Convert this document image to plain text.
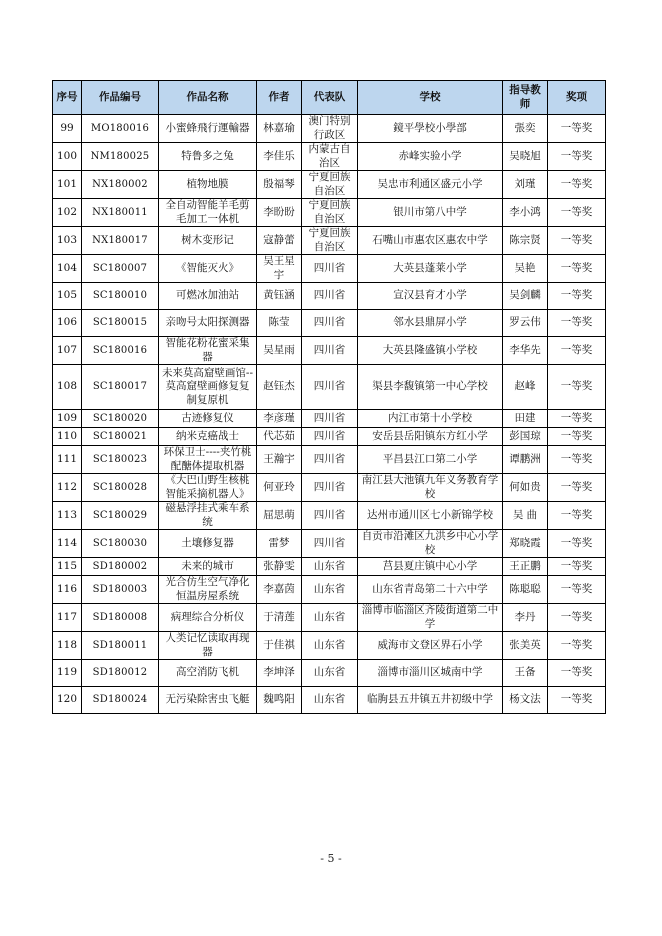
序号	作品编号	作品名称	作者	代表队	学校	指导教师	奖项
99	MO180016	小蜜蜂飛行運輸器	林嘉瑜	澳门特别行政区	鏡平學校小學部	張奕	一等奖
100	NM180025	特鲁多之兔	李佳乐	内蒙古自治区	赤峰实验小学	吴晓旭	一等奖
101	NX180002	植物地膜	殷福琴	宁夏回族自治区	吴忠市利通区盛元小学	刘瑾	一等奖
102	NX180011	全自动智能羊毛剪毛加工一体机	李盼盼	宁夏回族自治区	银川市第八中学	李小鸿	一等奖
103	NX180017	树木变形记	寇静蕾	宁夏回族自治区	石嘴山市惠农区惠农中学	陈宗贤	一等奖
104	SC180007	《智能灭火》	吴王星宇	四川省	大英县蓬莱小学	吴艳	一等奖
105	SC180010	可燃冰加油站	黄钰涵	四川省	宣汉县育才小学	吴剑麟	一等奖
106	SC180015	亲吻号太阳探测器	陈莹	四川省	邻水县鼎屏小学	罗云伟	一等奖
107	SC180016	智能花粉花蜜采集器	吴星雨	四川省	大英县隆盛镇小学校	李华先	一等奖
108	SC180017	未来莫高窟壁画馆--莫高窟壁画修复复制复原机	赵钰杰	四川省	渠县李馥镇第一中心学校	赵峰	一等奖
109	SC180020	古迹修复仪	李彦瑾	四川省	内江市第十小学校	田建	一等奖
110	SC180021	纳米克癌战士	代芯茹	四川省	安岳县岳阳镇东方红小学	彭国琼	一等奖
111	SC180023	环保卫士----夹竹桃配醣体提取机器	王瀚宇	四川省	平昌县江口第二小学	谭鹏洲	一等奖
112	SC180028	《大巴山野生核桃智能采摘机器人》	何亚玲	四川省	南江县大池镇九年义务教育学校	何如贵	一等奖
113	SC180029	磁悬浮挂式乘车系统	屈思萌	四川省	达州市通川区七小新锦学校	吴 曲	一等奖
114	SC180030	土壤修复器	雷梦	四川省	自贡市沿滩区九洪乡中心小学校	郑晓霞	一等奖
115	SD180002	未来的城市	张静雯	山东省	莒县夏庄镇中心小学	王正鹏	一等奖
116	SD180003	光合仿生空气净化恒温房屋系统	李嘉茵	山东省	山东省青岛第二十六中学	陈聪聪	一等奖
117	SD180008	病理综合分析仪	于清莲	山东省	淄博市临淄区齐陵街道第二中学	李丹	一等奖
118	SD180011	人类记忆读取再现器	于佳祺	山东省	威海市文登区界石小学	张美英	一等奖
119	SD180012	高空消防飞机	李坤泽	山东省	淄博市淄川区城南中学	王备	一等奖
120	SD180024	无污染除害虫飞艇	魏鸣阳	山东省	临朐县五井镇五井初级中学	杨文法	一等奖
- 5 -
